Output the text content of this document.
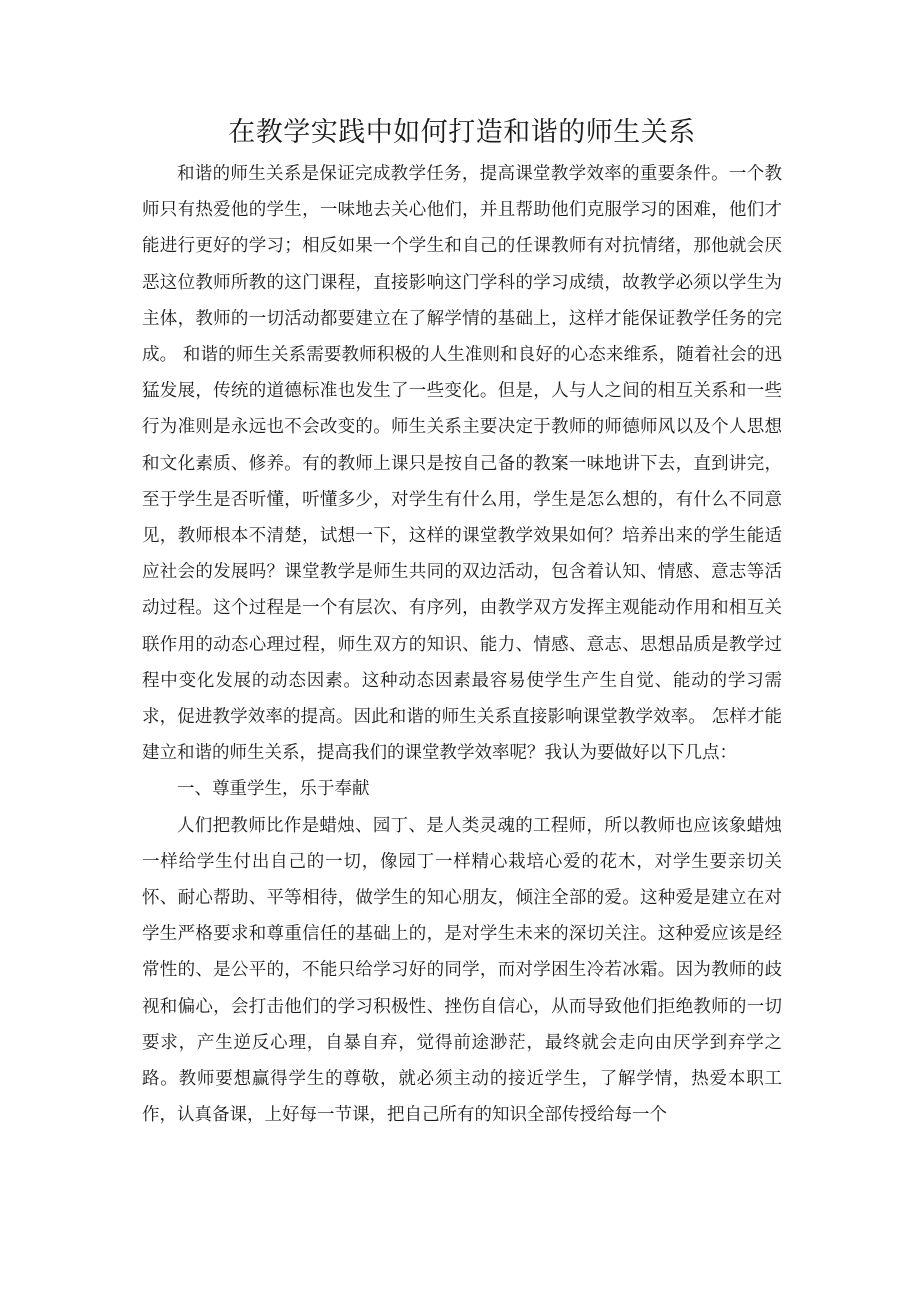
在教学实践中如何打造和谐的师生关系

和谐的师生关系是保证完成教学任务，提高课堂教学效率的重要条件。一个教师只有热爱他的学生，一味地去关心他们，并且帮助他们克服学习的困难，他们才能进行更好的学习；相反如果一个学生和自己的任课教师有对抗情绪，那他就会厌恶这位教师所教的这门课程，直接影响这门学科的学习成绩，故教学必须以学生为主体，教师的一切活动都要建立在了解学情的基础上，这样才能保证教学任务的完成。 和谐的师生关系需要教师积极的人生准则和良好的心态来维系，随着社会的迅猛发展，传统的道德标准也发生了一些变化。但是，人与人之间的相互关系和一些行为准则是永远也不会改变的。师生关系主要决定于教师的师德师风以及个人思想和文化素质、修养。有的教师上课只是按自己备的教案一味地讲下去，直到讲完，至于学生是否听懂，听懂多少，对学生有什么用，学生是怎么想的，有什么不同意见，教师根本不清楚，试想一下，这样的课堂教学效果如何？培养出来的学生能适应社会的发展吗？课堂教学是师生共同的双边活动，包含着认知、情感、意志等活动过程。这个过程是一个有层次、有序列，由教学双方发挥主观能动作用和相互关联作用的动态心理过程，师生双方的知识、能力、情感、意志、思想品质是教学过程中变化发展的动态因素。这种动态因素最容易使学生产生自觉、能动的学习需求，促进教学效率的提高。因此和谐的师生关系直接影响课堂教学效率。 怎样才能建立和谐的师生关系，提高我们的课堂教学效率呢？我认为要做好以下几点：

一、尊重学生，乐于奉献

人们把教师比作是蜡烛、园丁、是人类灵魂的工程师，所以教师也应该象蜡烛一样给学生付出自己的一切，像园丁一样精心栽培心爱的花木，对学生要亲切关怀、耐心帮助、平等相待，做学生的知心朋友，倾注全部的爱。这种爱是建立在对学生严格要求和尊重信任的基础上的，是对学生未来的深切关注。这种爱应该是经常性的、是公平的，不能只给学习好的同学，而对学困生冷若冰霜。因为教师的歧视和偏心，会打击他们的学习积极性、挫伤自信心，从而导致他们拒绝教师的一切要求，产生逆反心理，自暴自弃，觉得前途渺茫，最终就会走向由厌学到弃学之路。教师要想赢得学生的尊敬，就必须主动的接近学生，了解学情，热爱本职工作，认真备课，上好每一节课，把自己所有的知识全部传授给每一个
